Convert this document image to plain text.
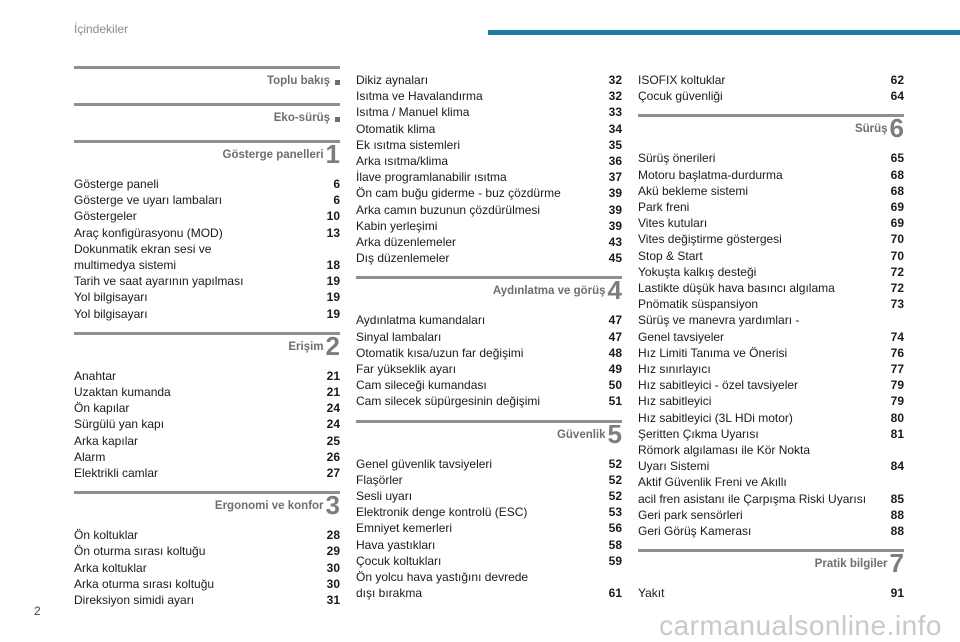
İçindekiler
Toplu bakış
Eko-sürüş
Gösterge panelleri1
Gösterge paneli	6
Gösterge ve uyarı lambaları	6
Göstergeler	10
Araç konfigürasyonu (MOD)	13
Dokunmatik ekran sesi ve
multimedya sistemi	18
Tarih ve saat ayarının yapılması	19
Yol bilgisayarı	19
Yol bilgisayarı	19
Erişim2
Anahtar	21
Uzaktan kumanda	21
Ön kapılar	24
Sürgülü yan kapı	24
Arka kapılar	25
Alarm	26
Elektrikli camlar	27
Ergonomi ve konfor3
Ön koltuklar	28
Ön oturma sırası koltuğu	29
Arka koltuklar	30
Arka oturma sırası koltuğu	30
Direksiyon simidi ayarı	31
Dikiz aynaları	32
Isıtma ve Havalandırma	32
Isıtma / Manuel klima	33
Otomatik klima	34
Ek ısıtma sistemleri	35
Arka ısıtma/klima	36
İlave programlanabilir ısıtma	37
Ön cam buğu giderme - buz çözdürme	39
Arka camın buzunun çözdürülmesi	39
Kabin yerleşimi	39
Arka düzenlemeler	43
Dış düzenlemeler	45
Aydınlatma ve görüş4
Aydınlatma kumandaları	47
Sinyal lambaları	47
Otomatik kısa/uzun far değişimi	48
Far yükseklik ayarı	49
Cam sileceği kumandası	50
Cam silecek süpürgesinin değişimi	51
Güvenlik5
Genel güvenlik tavsiyeleri	52
Flaşörler	52
Sesli uyarı	52
Elektronik denge kontrolü (ESC)	53
Emniyet kemerleri	56
Hava yastıkları	58
Çocuk koltukları	59
Ön yolcu hava yastığını devrede
dışı bırakma	61
ISOFIX koltuklar	62
Çocuk güvenliği	64
Sürüş6
Sürüş önerileri	65
Motoru başlatma-durdurma	68
Akü bekleme sistemi	68
Park freni	69
Vites kutuları	69
Vites değiştirme göstergesi	70
Stop & Start	70
Yokuşta kalkış desteği	72
Lastikte düşük hava basıncı algılama	72
Pnömatik süspansiyon	73
Sürüş ve manevra yardımları -
Genel tavsiyeler	74
Hız Limiti Tanıma ve Önerisi	76
Hız sınırlayıcı	77
Hız sabitleyici - özel tavsiyeler	79
Hız sabitleyici	79
Hız sabitleyici (3L HDi motor)	80
Şeritten Çıkma Uyarısı	81
Römork algılaması ile Kör Nokta
Uyarı Sistemi	84
Aktif Güvenlik Freni ve Akıllı
acil fren asistanı ile Çarpışma Riski Uyarısı	85
Geri park sensörleri	88
Geri Görüş Kamerası	88
Pratik bilgiler7
Yakıt	91
2	carmanualsonline.info
